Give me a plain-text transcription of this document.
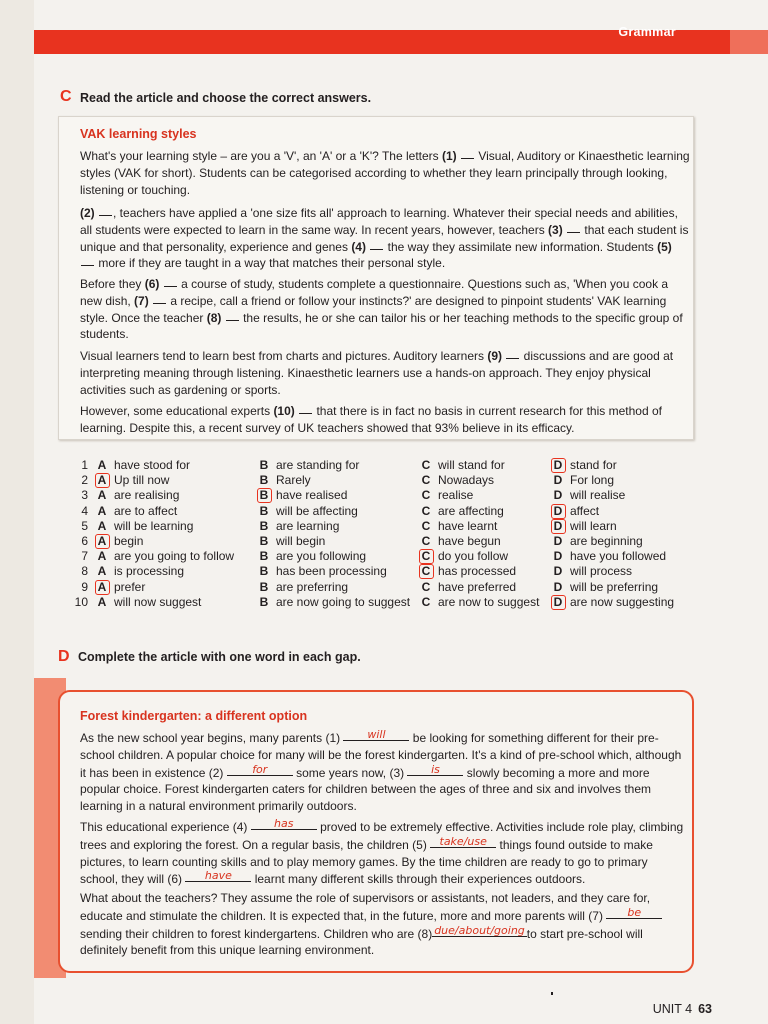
Grammar
C Read the article and choose the correct answers.
VAK learning styles

What's your learning style – are you a 'V', an 'A' or a 'K'? The letters (1)  Visual, Auditory or Kinaesthetic learning styles (VAK for short). Students can be categorised according to whether they learn principally through looking, listening or touching.

(2) , teachers have applied a 'one size fits all' approach to learning. Whatever their special needs and abilities, all students were expected to learn in the same way. In recent years, however, teachers (3)  that each student is unique and that personality, experience and genes (4)  the way they assimilate new information. Students (5)  more if they are taught in a way that matches their personal style.

Before they (6)  a course of study, students complete a questionnaire. Questions such as, 'When you cook a new dish, (7)  a recipe, call a friend or follow your instincts?' are designed to pinpoint students' VAK learning style. Once the teacher (8)  the results, he or she can tailor his or her teaching methods to the specific group of students.

Visual learners tend to learn best from charts and pictures. Auditory learners (9)  discussions and are good at interpreting meaning through listening. Kinaesthetic learners use a hands-on approach. They enjoy physical activities such as gardening or sports.

However, some educational experts (10)  that there is in fact no basis in current research for this method of learning. Despite this, a recent survey of UK teachers showed that 93% believe in its efficacy.

1	A	have stood for	B	are standing for	C	will stand for	D	stand for
2	A	Up till now	B	Rarely	C	Nowadays	D	For long
3	A	are realising	B	have realised	C	realise	D	will realise
4	A	are to affect	B	will be affecting	C	are affecting	D	affect
5	A	will be learning	B	are learning	C	have learnt	D	will learn
6	A	begin	B	will begin	C	have begun	D	are beginning
7	A	are you going to follow	B	are you following	C	do you follow	D	have you followed
8	A	is processing	B	has been processing	C	has processed	D	will process
9	A	prefer	B	are preferring	C	have preferred	D	will be preferring
10	A	will now suggest	B	are now going to suggest	C	are now to suggest	D	are now suggesting
D Complete the article with one word in each gap.
Forest kindergarten: a different option

As the new school year begins, many parents (1) will be looking for something different for their pre-school children. A popular choice for many will be the forest kindergarten. It's a kind of pre-school which, although it has been in existence (2) for some years now, (3) is slowly becoming a more and more popular choice. Forest kindergarten caters for children between the ages of three and six and involves them learning in a natural environment primarily outdoors.

This educational experience (4) has proved to be extremely effective. Activities include role play, climbing trees and exploring the forest. On a regular basis, the children (5) take/use things found outside to make pictures, to learn counting skills and to play memory games. By the time children are ready to go to primary school, they will (6) have learnt many different skills through their experiences outdoors.

What about the teachers? They assume the role of supervisors or assistants, not leaders, and they care for, educate and stimulate the children. It is expected that, in the future, more and more parents will (7) be sending their children to forest kindergartens. Children who are (8) due/about/going to start pre-school will definitely benefit from this unique learning environment.

UNIT 4 63
